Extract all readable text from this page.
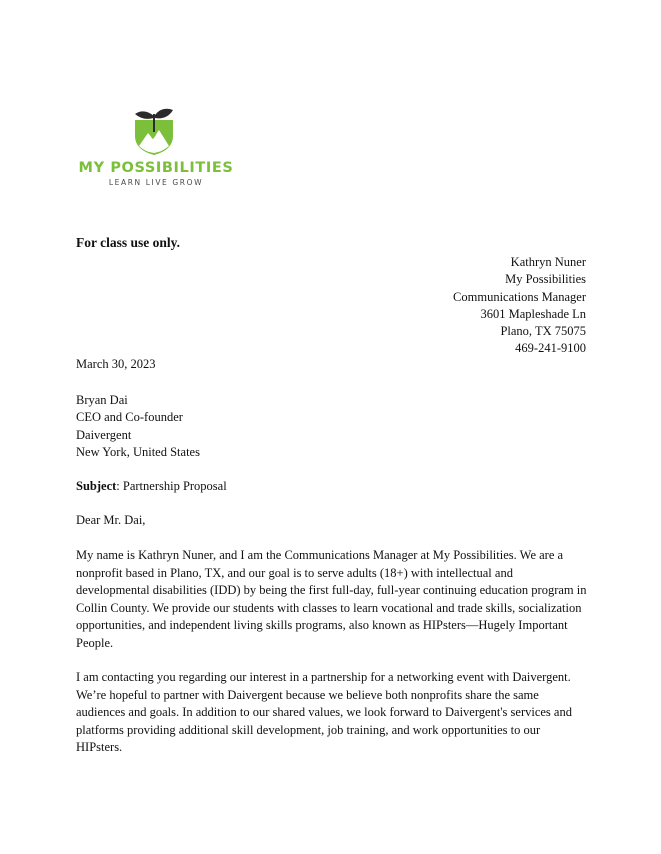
MY POSSIBILITIES
LEARN LIVE GROW
For class use only.
Kathryn Nuner
My Possibilities
Communications Manager
3601 Mapleshade Ln
Plano, TX 75075
469-241-9100
March 30, 2023
Bryan Dai
CEO and Co-founder
Daivergent
New York, United States
Subject: Partnership Proposal
Dear Mr. Dai,
My name is Kathryn Nuner, and I am the Communications Manager at My Possibilities. We are a nonprofit based in Plano, TX, and our goal is to serve adults (18+) with intellectual and developmental disabilities (IDD) by being the first full-day, full-year continuing education program in Collin County. We provide our students with classes to learn vocational and trade skills, socialization opportunities, and independent living skills programs, also known as HIPsters—Hugely Important People.
I am contacting you regarding our interest in a partnership for a networking event with Daivergent. We’re hopeful to partner with Daivergent because we believe both nonprofits share the same audiences and goals. In addition to our shared values, we look forward to Daivergent's services and platforms providing additional skill development, job training, and work opportunities to our HIPsters.
